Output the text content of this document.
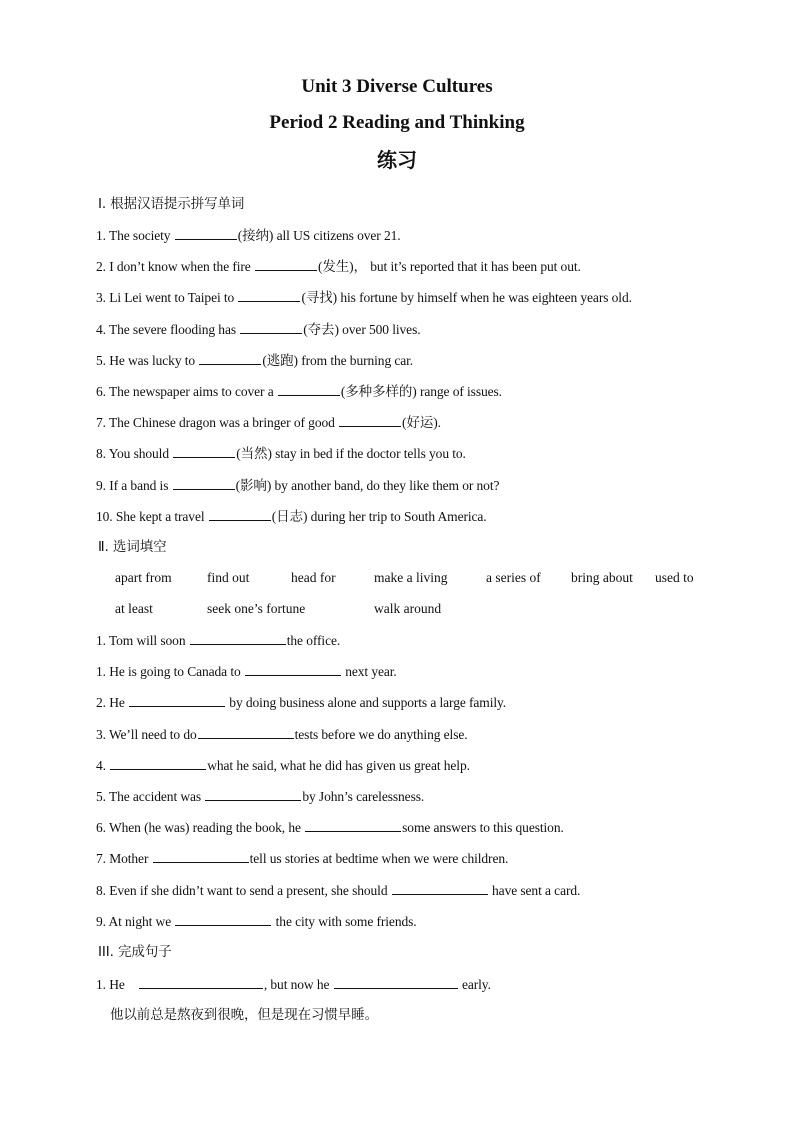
Unit 3 Diverse Cultures
Period 2 Reading and Thinking
练习
Ⅰ. 根据汉语提示拼写单词
1. The society	(接纳) all US citizens over 21.
2. I don’t know when the fire	(发生)， but it’s reported that it has been put out.
3. Li Lei went to Taipei to	(寻找) his fortune by himself when he was eighteen years old.
4. The severe flooding has	(夺去) over 500 lives.
5. He was lucky to	(逃跑) from the burning car.
6. The newspaper aims to cover a	(多种多样的) range of issues.
7. The Chinese dragon was a bringer of good	(好运).
8. You should	(当然) stay in bed if the doctor tells you to.
9. If a band is	(影响) by another band, do they like them or not?
10. She kept a travel	(日志) during her trip to South America.
Ⅱ. 选词填空
apart from	find out	head for	make a living	a series of bring about used to
at least	seek one’s fortune	walk around
1. Tom will soon	the office.
1. He is going to Canada to	next year.
2. He	by doing business alone and supports a large family.
3. We’ll need to do	tests before we do anything else.
4.	what he said, what he did has given us great help.
5. The accident was	by John’s carelessness.
6. When (he was) reading the book, he	some answers to this question.
7. Mother	tell us stories at bedtime when we were children.
8. Even if she didn’t want to send a present, she should	have sent a card.
9. At night we	the city with some friends.
III. 完成句子
1. He	, but now he	early.
他以前总是熬夜到很晚，但是现在习惯早睡。
